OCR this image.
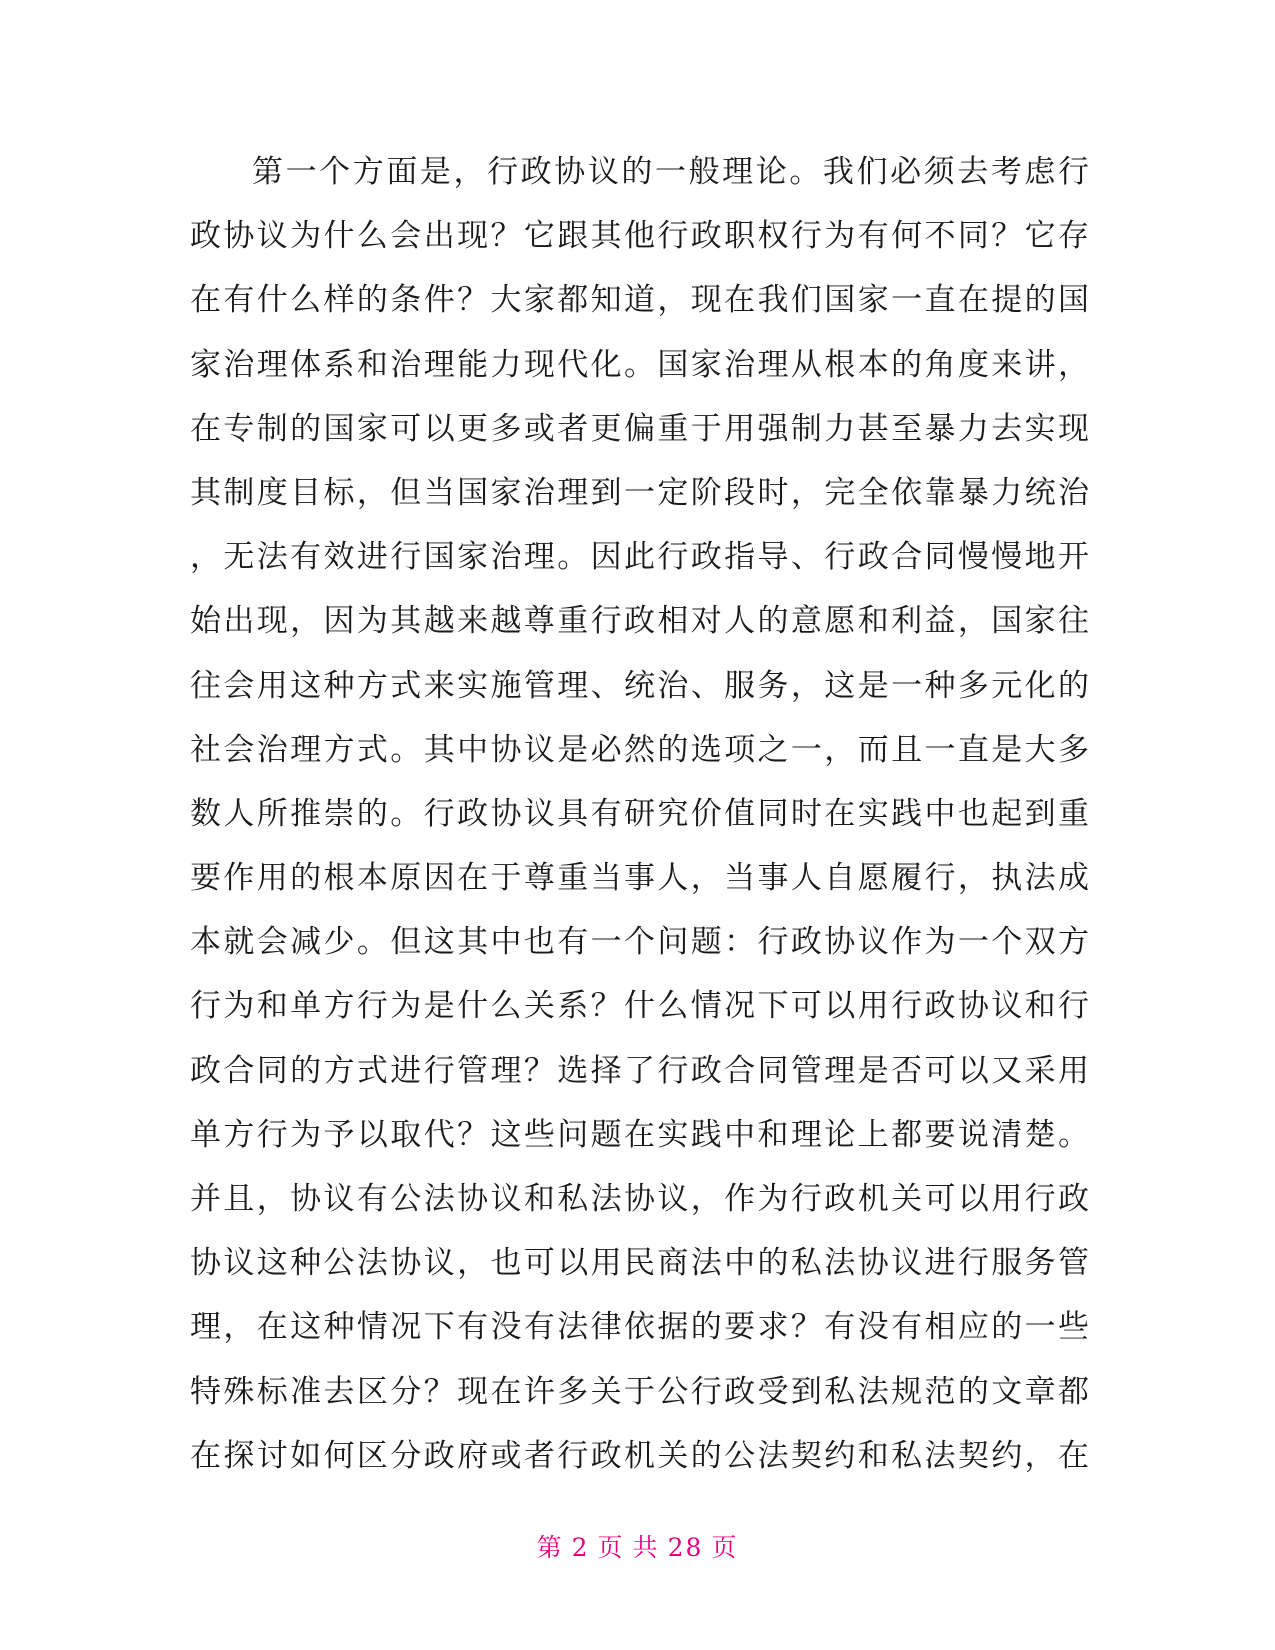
第一个方面是，行政协议的一般理论。我们必须去考虑行
政协议为什么会出现？它跟其他行政职权行为有何不同？它存
在有什么样的条件？大家都知道，现在我们国家一直在提的国
家治理体系和治理能力现代化。国家治理从根本的角度来讲，
在专制的国家可以更多或者更偏重于用强制力甚至暴力去实现
其制度目标，但当国家治理到一定阶段时，完全依靠暴力统治
，无法有效进行国家治理。因此行政指导、行政合同慢慢地开
始出现，因为其越来越尊重行政相对人的意愿和利益，国家往
往会用这种方式来实施管理、统治、服务，这是一种多元化的
社会治理方式。其中协议是必然的选项之一，而且一直是大多
数人所推崇的。行政协议具有研究价值同时在实践中也起到重
要作用的根本原因在于尊重当事人，当事人自愿履行，执法成
本就会减少。但这其中也有一个问题：行政协议作为一个双方
行为和单方行为是什么关系？什么情况下可以用行政协议和行
政合同的方式进行管理？选择了行政合同管理是否可以又采用
单方行为予以取代？这些问题在实践中和理论上都要说清楚。
并且，协议有公法协议和私法协议，作为行政机关可以用行政
协议这种公法协议，也可以用民商法中的私法协议进行服务管
理，在这种情况下有没有法律依据的要求？有没有相应的一些
特殊标准去区分？现在许多关于公行政受到私法规范的文章都
在探讨如何区分政府或者行政机关的公法契约和私法契约，在
第 2 页 共 28 页
